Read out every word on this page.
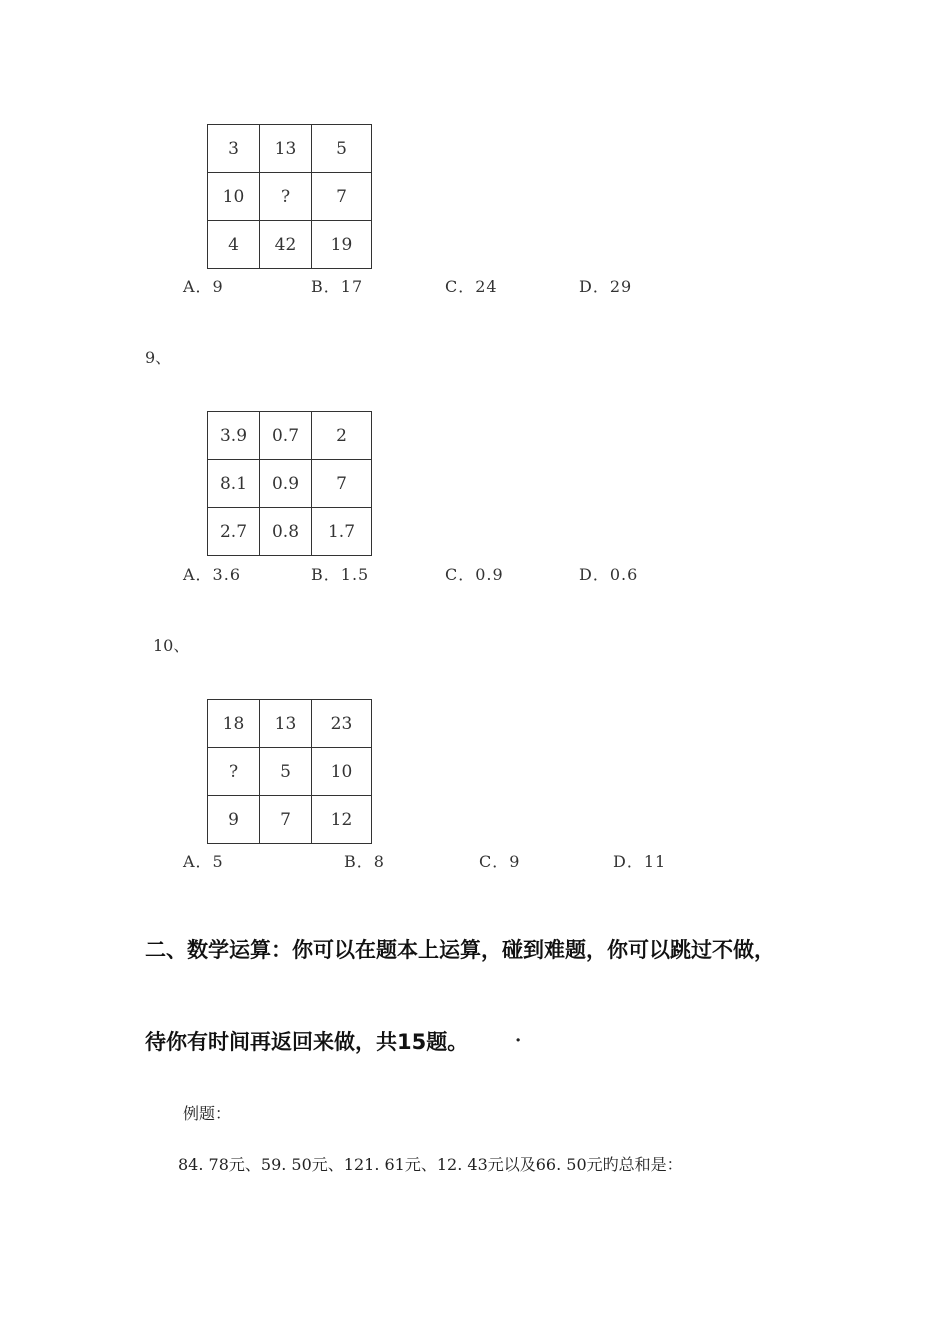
3	13	5
10	?	7
4	42	19
A．9	B．17	C．24	D．29
9、
3.9	0.7	2
8.1	0.9	7
2.7	0.8	1.7
A．3.6	B．1.5	C．0.9	D．0.6
10、
18	13	23
?	5	10
9	7	12
A．5	B．8	C．9	D．11
二、数学运算：你可以在题本上运算，碰到难题，你可以跳过不做，
待你有时间再返回来做，共15题。	·
例题：
84. 78元、59. 50元、121. 61元、12. 43元以及66. 50元旳总和是：
